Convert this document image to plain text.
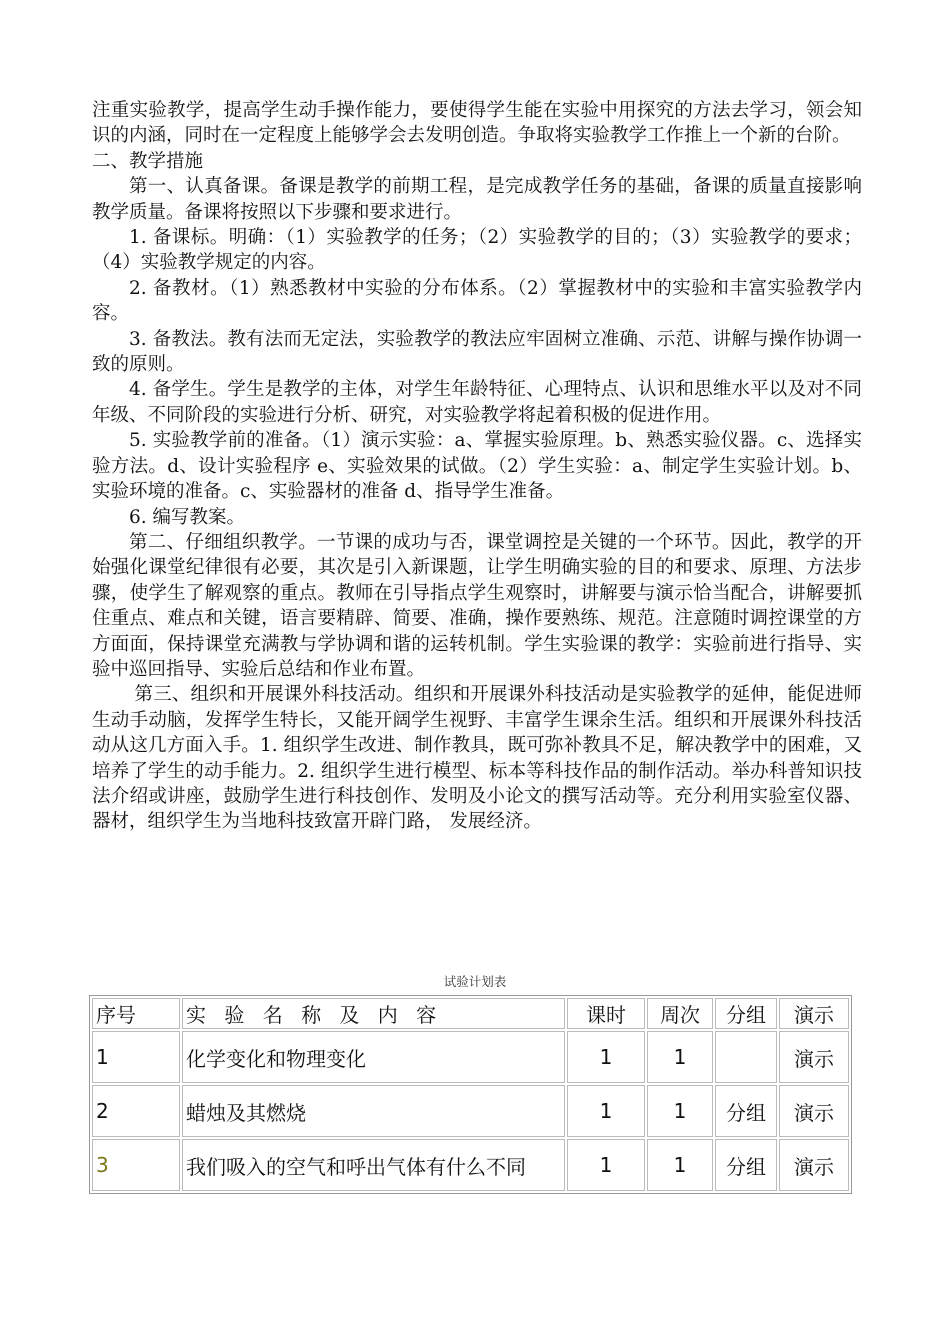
注重实验教学，提高学生动手操作能力，要使得学生能在实验中用探究的方法去学习，领会知识的内涵，同时在一定程度上能够学会去发明创造。争取将实验教学工作推上一个新的台阶。

二、教学措施

第一、认真备课。备课是教学的前期工程，是完成教学任务的基础，备课的质量直接影响教学质量。备课将按照以下步骤和要求进行。

1. 备课标。明确：（1）实验教学的任务；（2）实验教学的目的；（3）实验教学的要求；（4）实验教学规定的内容。

2. 备教材。（1）熟悉教材中实验的分布体系。（2）掌握教材中的实验和丰富实验教学内容。

3. 备教法。教有法而无定法，实验教学的教法应牢固树立准确、示范、讲解与操作协调一致的原则。

4. 备学生。学生是教学的主体，对学生年龄特征、心理特点、认识和思维水平以及对不同年级、不同阶段的实验进行分析、研究，对实验教学将起着积极的促进作用。

5. 实验教学前的准备。（1）演示实验：a、掌握实验原理。b、熟悉实验仪器。c、选择实验方法。d、设计实验程序 e、实验效果的试做。（2）学生实验：a、制定学生实验计划。b、实验环境的准备。c、实验器材的准备 d、指导学生准备。

6. 编写教案。

第二、仔细组织教学。一节课的成功与否，课堂调控是关键的一个环节。因此，教学的开始强化课堂纪律很有必要，其次是引入新课题，让学生明确实验的目的和要求、原理、方法步骤，使学生了解观察的重点。教师在引导指点学生观察时，讲解要与演示恰当配合，讲解要抓住重点、难点和关键，语言要精辟、简要、准确，操作要熟练、规范。注意随时调控课堂的方方面面，保持课堂充满教与学协调和谐的运转机制。学生实验课的教学：实验前进行指导、实验中巡回指导、实验后总结和作业布置。

第三、组织和开展课外科技活动。组织和开展课外科技活动是实验教学的延伸，能促进师生动手动脑，发挥学生特长，又能开阔学生视野、丰富学生课余生活。组织和开展课外科技活动从这几方面入手。1. 组织学生改进、制作教具，既可弥补教具不足，解决教学中的困难，又培养了学生的动手能力。2. 组织学生进行模型、标本等科技作品的制作活动。举办科普知识技法介绍或讲座，鼓励学生进行科技创作、发明及小论文的撰写活动等。充分利用实验室仪器、器材，组织学生为当地科技致富开辟门路， 发展经济。

试验计划表
序号	实 验 名 称 及 内 容	课时	周次	分组	演示
1	化学变化和物理变化	1	1		演示
2	蜡烛及其燃烧	1	1	分组	演示
3	我们吸入的空气和呼出气体有什么不同	1	1	分组	演示
